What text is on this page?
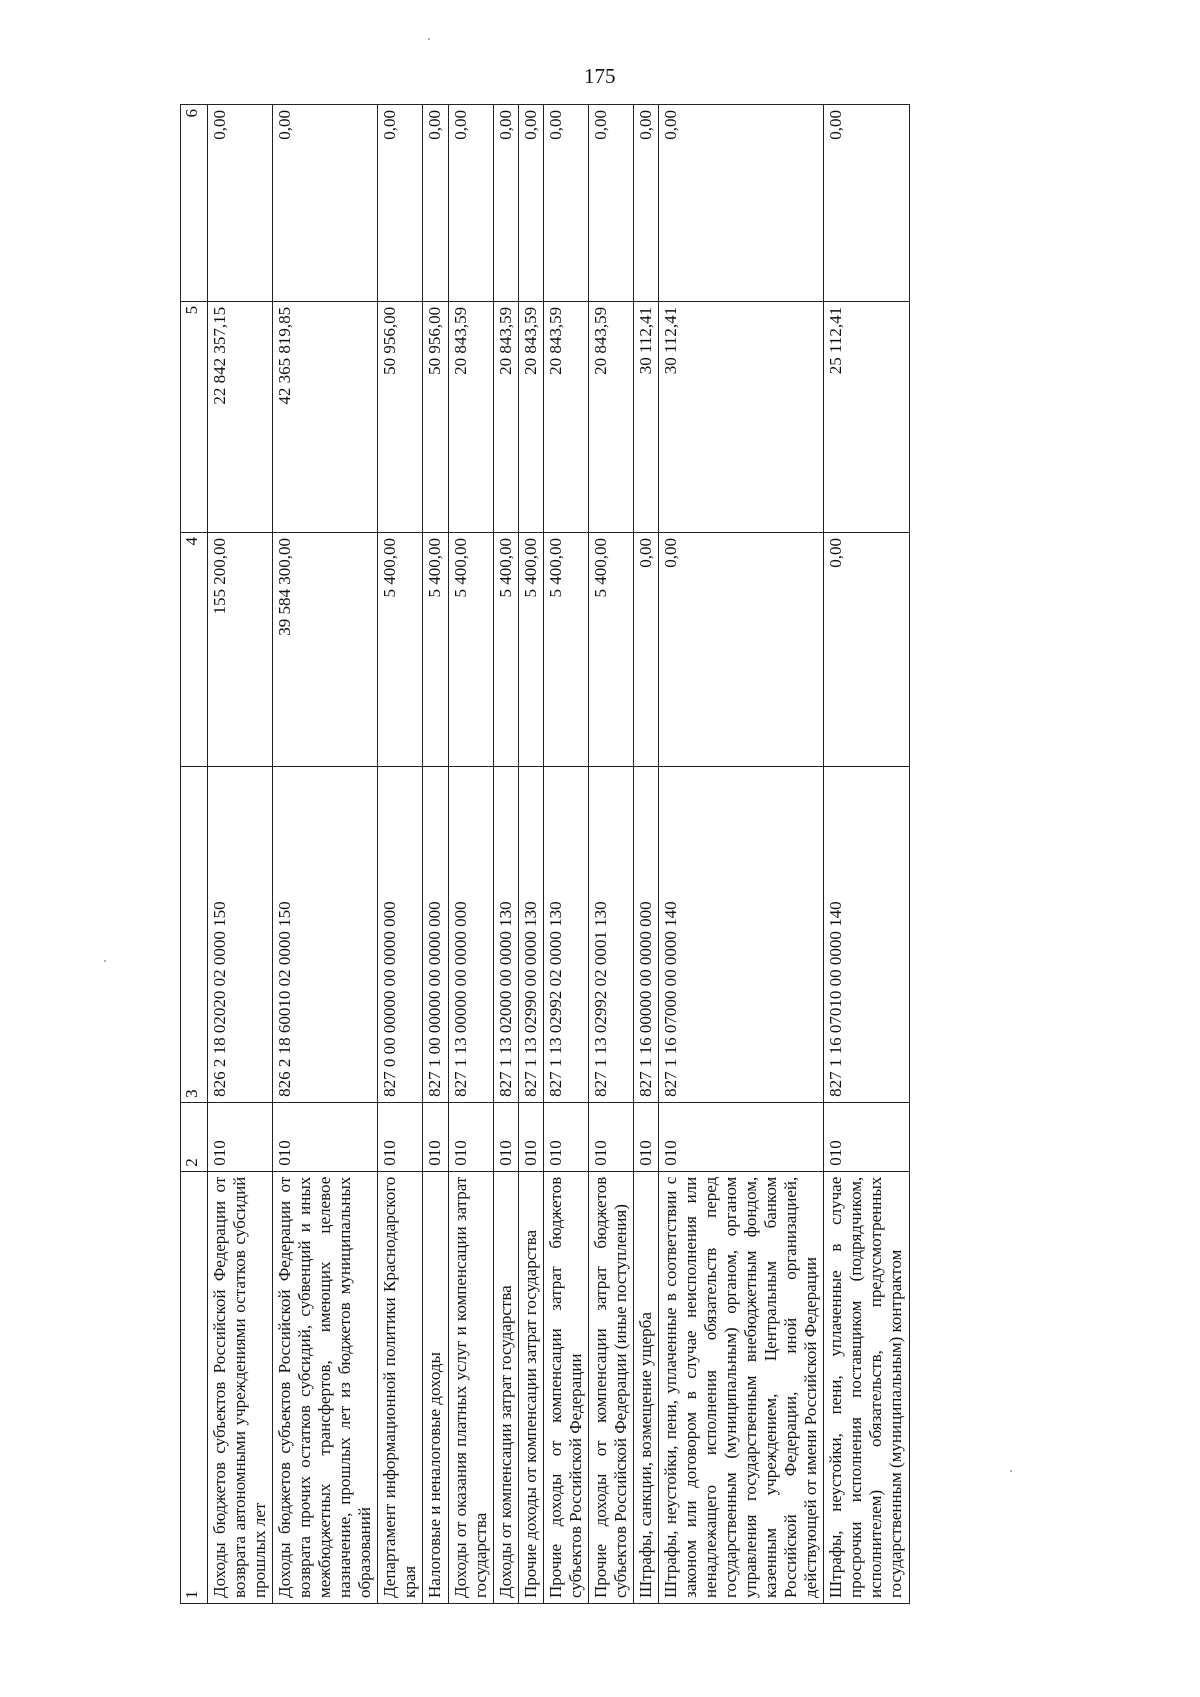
175
1	2	3	4	5	6
Доходы бюджетов субъектов Российской Федерации от возврата автономными учреждениями остатков субсидий прошлых лет	010	826 2 18 02020 02 0000 150	155 200,00	22 842 357,15	0,00
Доходы бюджетов субъектов Российской Федерации от возврата прочих остатков субсидий, субвенций и иных межбюджетных трансфертов, имеющих целевое назначение, прошлых лет из бюджетов муниципальных образований	010	826 2 18 60010 02 0000 150	39 584 300,00	42 365 819,85	0,00
Департамент информационной политики Краснодарского края	010	827 0 00 00000 00 0000 000	5 400,00	50 956,00	0,00
Налоговые и неналоговые доходы	010	827 1 00 00000 00 0000 000	5 400,00	50 956,00	0,00
Доходы от оказания платных услуг и компенсации затрат государства	010	827 1 13 00000 00 0000 000	5 400,00	20 843,59	0,00
Доходы от компенсации затрат государства	010	827 1 13 02000 00 0000 130	5 400,00	20 843,59	0,00
Прочие доходы от компенсации затрат государства	010	827 1 13 02990 00 0000 130	5 400,00	20 843,59	0,00
Прочие доходы от компенсации затрат бюджетов субъектов Российской Федерации	010	827 1 13 02992 02 0000 130	5 400,00	20 843,59	0,00
Прочие доходы от компенсации затрат бюджетов субъектов Российской Федерации (иные поступления)	010	827 1 13 02992 02 0001 130	5 400,00	20 843,59	0,00
Штрафы, санкции, возмещение ущерба	010	827 1 16 00000 00 0000 000	0,00	30 112,41	0,00
Штрафы, неустойки, пени, уплаченные в соответствии с законом или договором в случае неисполнения или ненадлежащего исполнения обязательств перед государственным (муниципальным) органом, органом управления государственным внебюджетным фондом, казенным учреждением, Центральным банком Российской Федерации, иной организацией, действующей от имени Российской Федерации	010	827 1 16 07000 00 0000 140	0,00	30 112,41	0,00
Штрафы, неустойки, пени, уплаченные в случае просрочки исполнения поставщиком (подрядчиком, исполнителем) обязательств, предусмотренных государственным (муниципальным) контрактом	010	827 1 16 07010 00 0000 140	0,00	25 112,41	0,00
